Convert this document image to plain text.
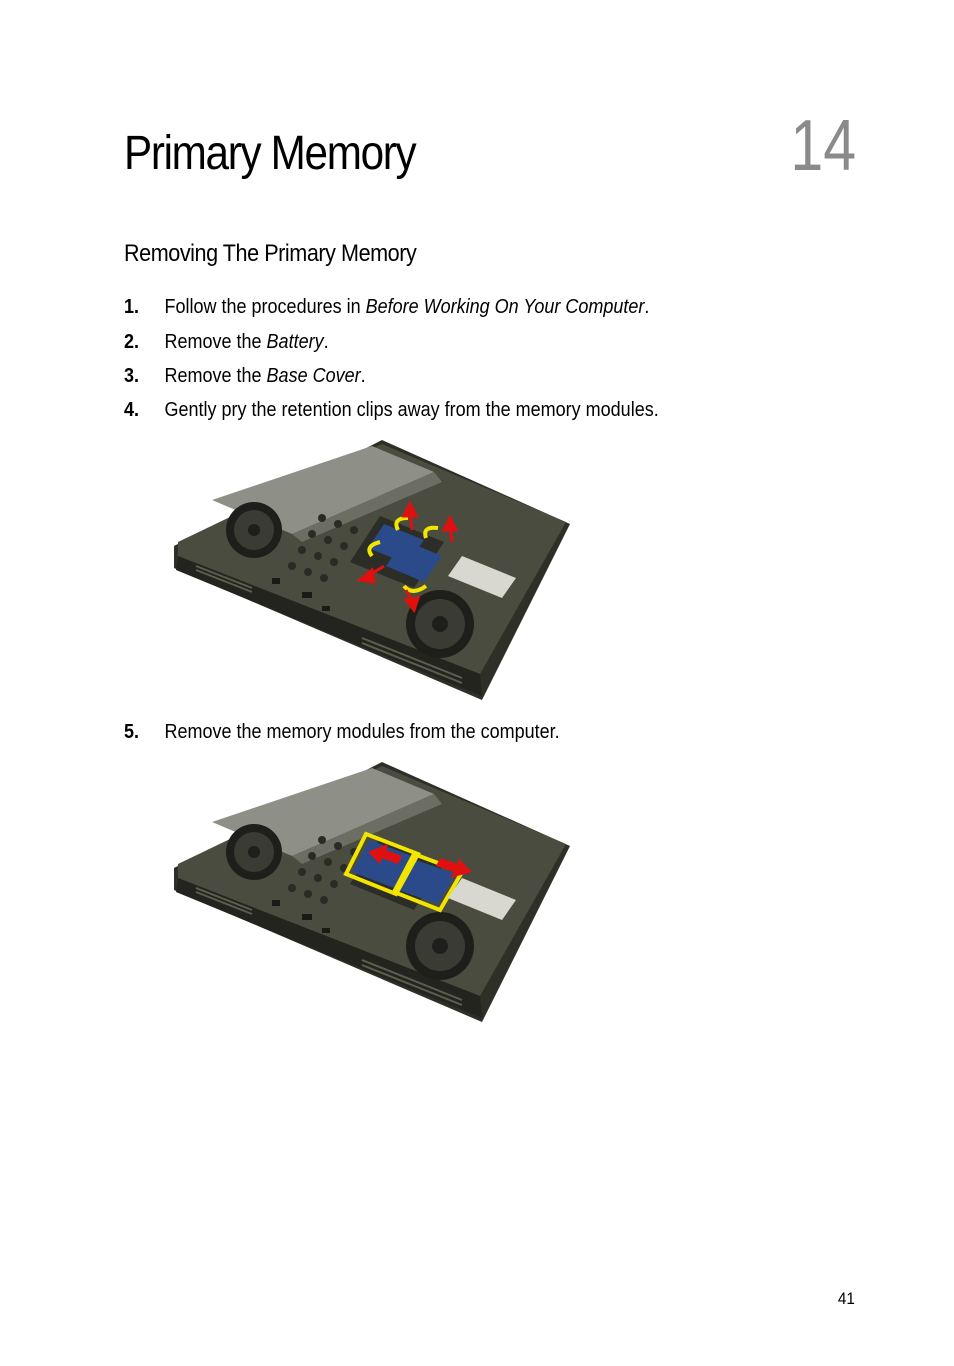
Primary Memory	14
Removing The Primary Memory
1. Follow the procedures in Before Working On Your Computer.
2. Remove the Battery.
3. Remove the Base Cover.
4. Gently pry the retention clips away from the memory modules.
5. Remove the memory modules from the computer.
41
